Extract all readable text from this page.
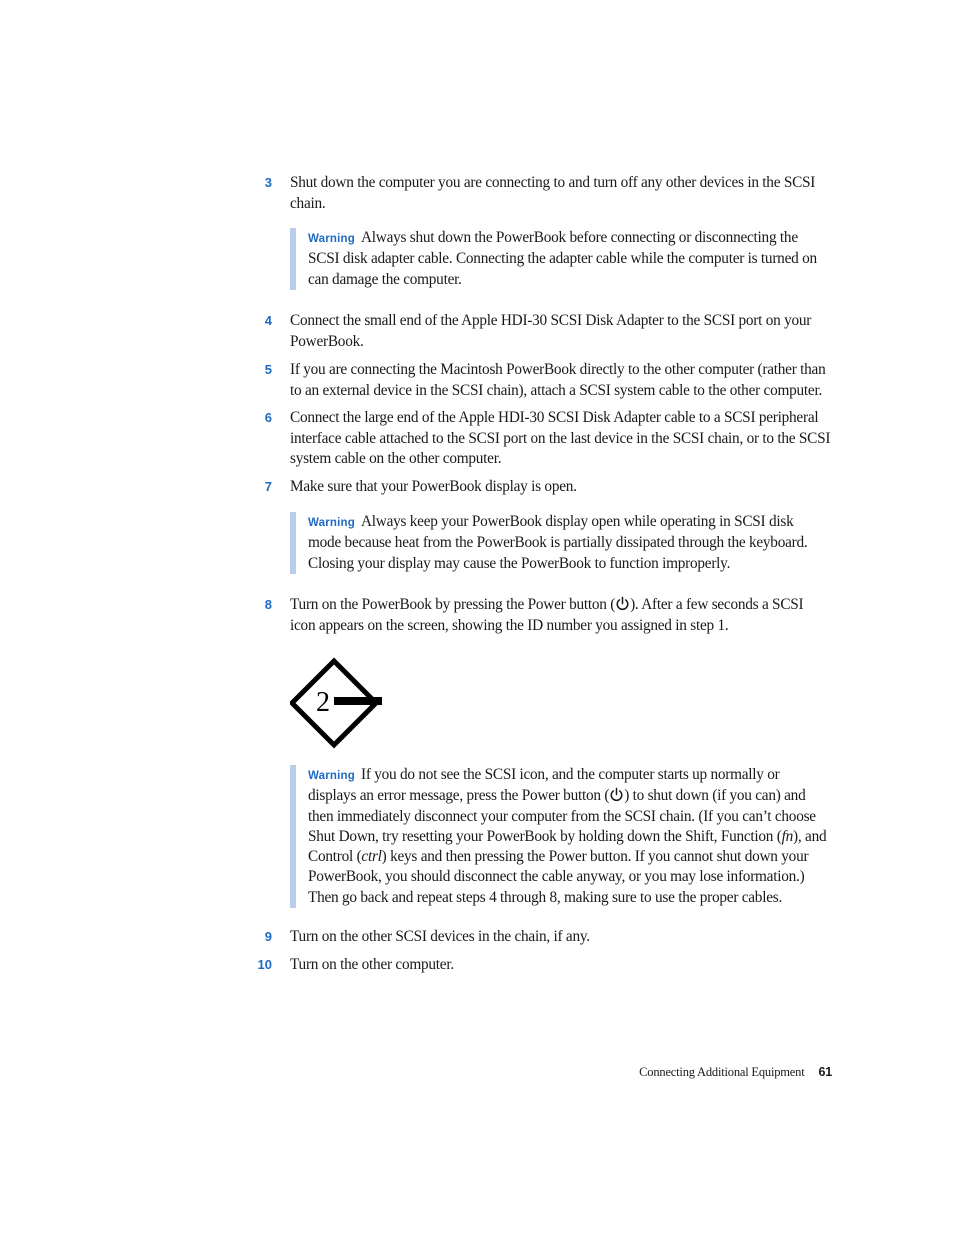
3 Shut down the computer you are connecting to and turn off any other devices in the SCSI chain.
Warning Always shut down the PowerBook before connecting or disconnecting the SCSI disk adapter cable. Connecting the adapter cable while the computer is turned on can damage the computer.
4 Connect the small end of the Apple HDI-30 SCSI Disk Adapter to the SCSI port on your PowerBook.
5 If you are connecting the Macintosh PowerBook directly to the other computer (rather than to an external device in the SCSI chain), attach a SCSI system cable to the other computer.
6 Connect the large end of the Apple HDI-30 SCSI Disk Adapter cable to a SCSI peripheral interface cable attached to the SCSI port on the last device in the SCSI chain, or to the SCSI system cable on the other computer.
7 Make sure that your PowerBook display is open.
Warning Always keep your PowerBook display open while operating in SCSI disk mode because heat from the PowerBook is partially dissipated through the keyboard. Closing your display may cause the PowerBook to function improperly.
8 Turn on the PowerBook by pressing the Power button ( ). After a few seconds a SCSI icon appears on the screen, showing the ID number you assigned in step 1.
2
Warning If you do not see the SCSI icon, and the computer starts up normally or displays an error message, press the Power button ( ) to shut down (if you can) and then immediately disconnect your computer from the SCSI chain. (If you can’t choose Shut Down, try resetting your PowerBook by holding down the Shift, Function (fn), and Control (ctrl) keys and then pressing the Power button. If you cannot shut down your PowerBook, you should disconnect the cable anyway, or you may lose information.) Then go back and repeat steps 4 through 8, making sure to use the proper cables.
9 Turn on the other SCSI devices in the chain, if any.
10 Turn on the other computer.
Connecting Additional Equipment 61
